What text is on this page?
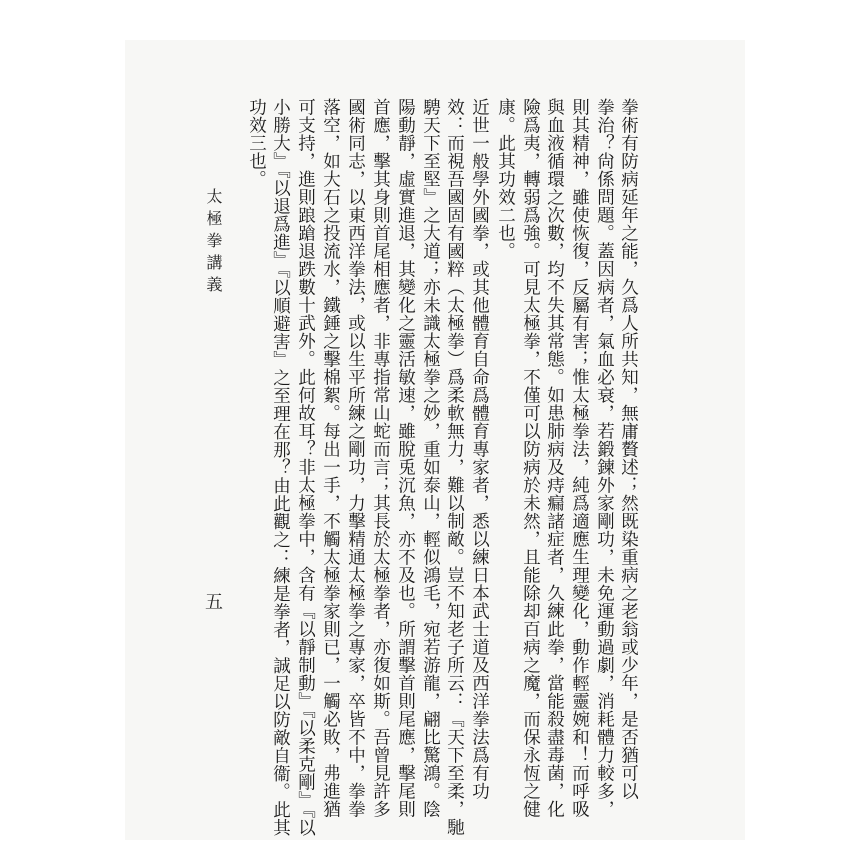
拳術有防病延年之能，久爲人所共知，無庸贅述；然既染重病之老翁或少年，是否猶可以
拳治？尙係問題。蓋因病者，氣血必衰，若鍛鍊外家剛功，未免運動過劇，消耗體力較多，
則其精神，雖使恢復，反屬有害；惟太極拳法，純爲適應生理變化，動作輕靈婉和！而呼吸
與血液循環之次數，均不失其常態。如患肺病及痔瘺諸症者，久練此拳，當能殺盡毒菌，化
險爲夷，轉弱爲強。可見太極拳，不僅可以防病於未然，且能除却百病之魔，而保永恆之健
康。此其功效二也。
近世一般學外國拳，或其他體育自命爲體育專家者，悉以練日本武士道及西洋拳法爲有功
效：而視吾國固有國粹（太極拳）爲柔軟無力，難以制敵。豈不知老子所云：『天下至柔，馳
騁天下至堅』之大道；亦未識太極拳之妙，重如泰山，輕似鴻毛，宛若游龍，翩比驚鴻。陰
陽動靜，虛實進退，其變化之靈活敏速，雖脫兎沉魚，亦不及也。所謂擊首則尾應，擊尾則
首應，擊其身則首尾相應者，非專指常山蛇而言；其長於太極拳者，亦復如斯。吾曾見許多
國術同志，以東西洋拳法，或以生平所練之剛功，力擊精通太極拳之專家，卒皆不中，拳拳
落空，如大石之投流水，鐵錘之擊棉絮。每出一手，不觸太極拳家則已，一觸必敗，弗進猶
可支持，進則踉蹌退跌數十武外。此何故耳？非太極拳中，含有『以靜制動』『以柔克剛』『以
小勝大』『以退爲進』『以順避害』之至理在那？由此觀之：練是拳者，誠足以防敵自衞。此其
功效三也。
太極拳講義
五
